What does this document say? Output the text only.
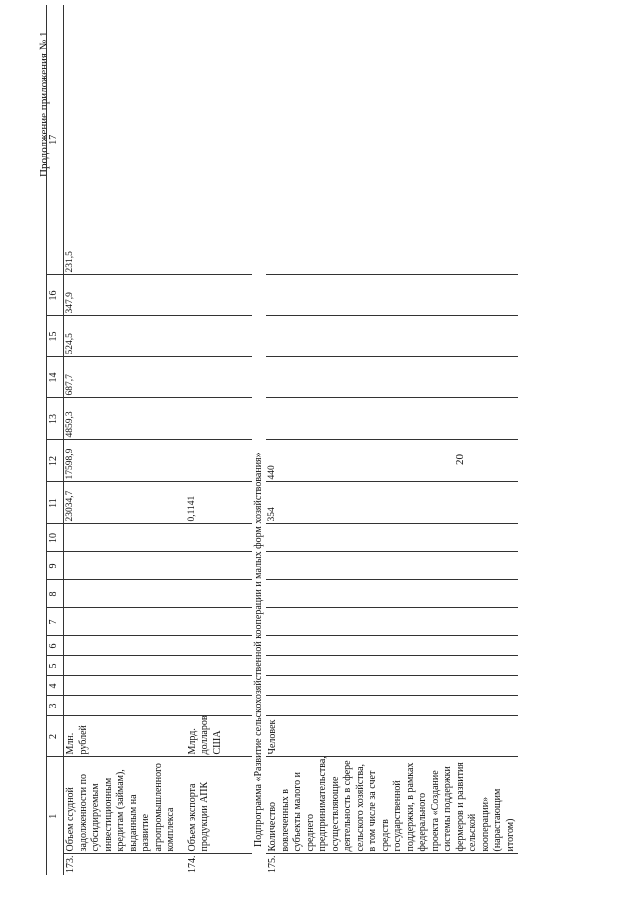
20
Продолжение приложения № 1
1		2	3	4	5	6	7	8	9	10	11	12	13	14	15	16	17
173.	Объем ссудной задолженности по субсидируемым инвестиционным кредитам (займам), выданным на развитие агропромышленного комплекса	Млн. рублей									23034,7	17598,9	4859,3	687,7	524,5	347,9	231,5
174.	Объем экспорта продукции АПК	Млрд. долларов США									0,1141						
Подпрограмма «Развитие сельскохозяйственной кооперации и малых форм хозяйствования»																	
175.	Количество вовлеченных в субъекты малого и среднего предпринимательства, осуществляющие деятельность в сфере сельского хозяйства, в том числе за счет средств государственной поддержки, в рамках федерального проекта «Создание системы поддержки фермеров и развития сельской кооперации» (нарастающим итогом)	Человек									354	440					
